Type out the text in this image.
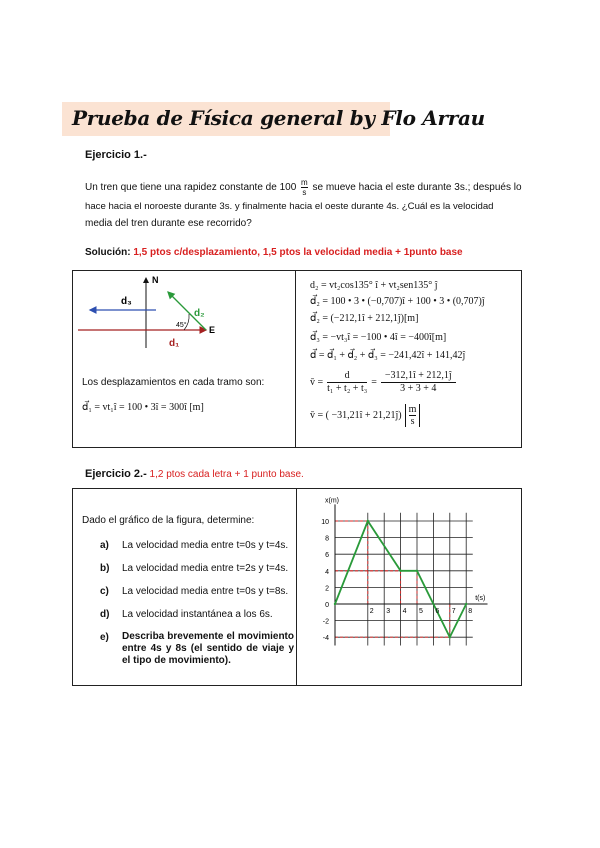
Prueba de Física general by Flo Arrau
Ejercicio 1.-
Un tren que tiene una rapidez constante de $100 \frac{m}{s}$ se mueve hacia el este durante 3s.; después lo
hace hacia el noroeste durante 3s. y finalmente hacia el oeste durante 4s. ¿Cuál es la velocidad
media del tren durante ese recorrido?
Solución: 1,5 ptos c/desplazamiento, 1,5 ptos la velocidad media + 1punto base
N
E
d₃
d₂
d₁
45°
Los desplazamientos en cada tramo son:
d⃗₁ = vt₁î = 100 • 3î = 300î [m]
d₂ = vt₂cos135° î + vt₂sen135° ĵ
d⃗₂ = 100 • 3 • (−0,707)î + 100 • 3 • (0,707)ĵ
d⃗₂ = (−212,1î + 212,1ĵ)[m]
d⃗₃ = −vt₃î = −100 • 4î = −400î[m]
d⃗ = d⃗₁ + d⃗₂ + d⃗₃ = −241,42î + 141,42ĵ
v̄ = $\frac{d}{\text{t₁ + t₂ + t₃}} = \frac{-312,1î + 212,1ĵ}{3 + 3 + 4}$
v̄ = ( −31,21î + 21,21ĵ)
m
s
Ejercicio 2.- 1,2 ptos cada letra + 1 punto base.
Dado el gráfico de la figura, determine:
a)	La velocidad media entre t=0s y t=4s.
b)	La velocidad media entre t=2s y t=4s.
c)	La velocidad media entre t=0s y t=8s.
d)	La velocidad instantánea a los 6s.
e)	Describa brevemente el movimiento entre 4s y 8s (el sentido de viaje y el tipo de movimiento).
10
8
6
4
2
0
-2
-4
2 3 4 5 6 7 8
x(m)
t(s)
